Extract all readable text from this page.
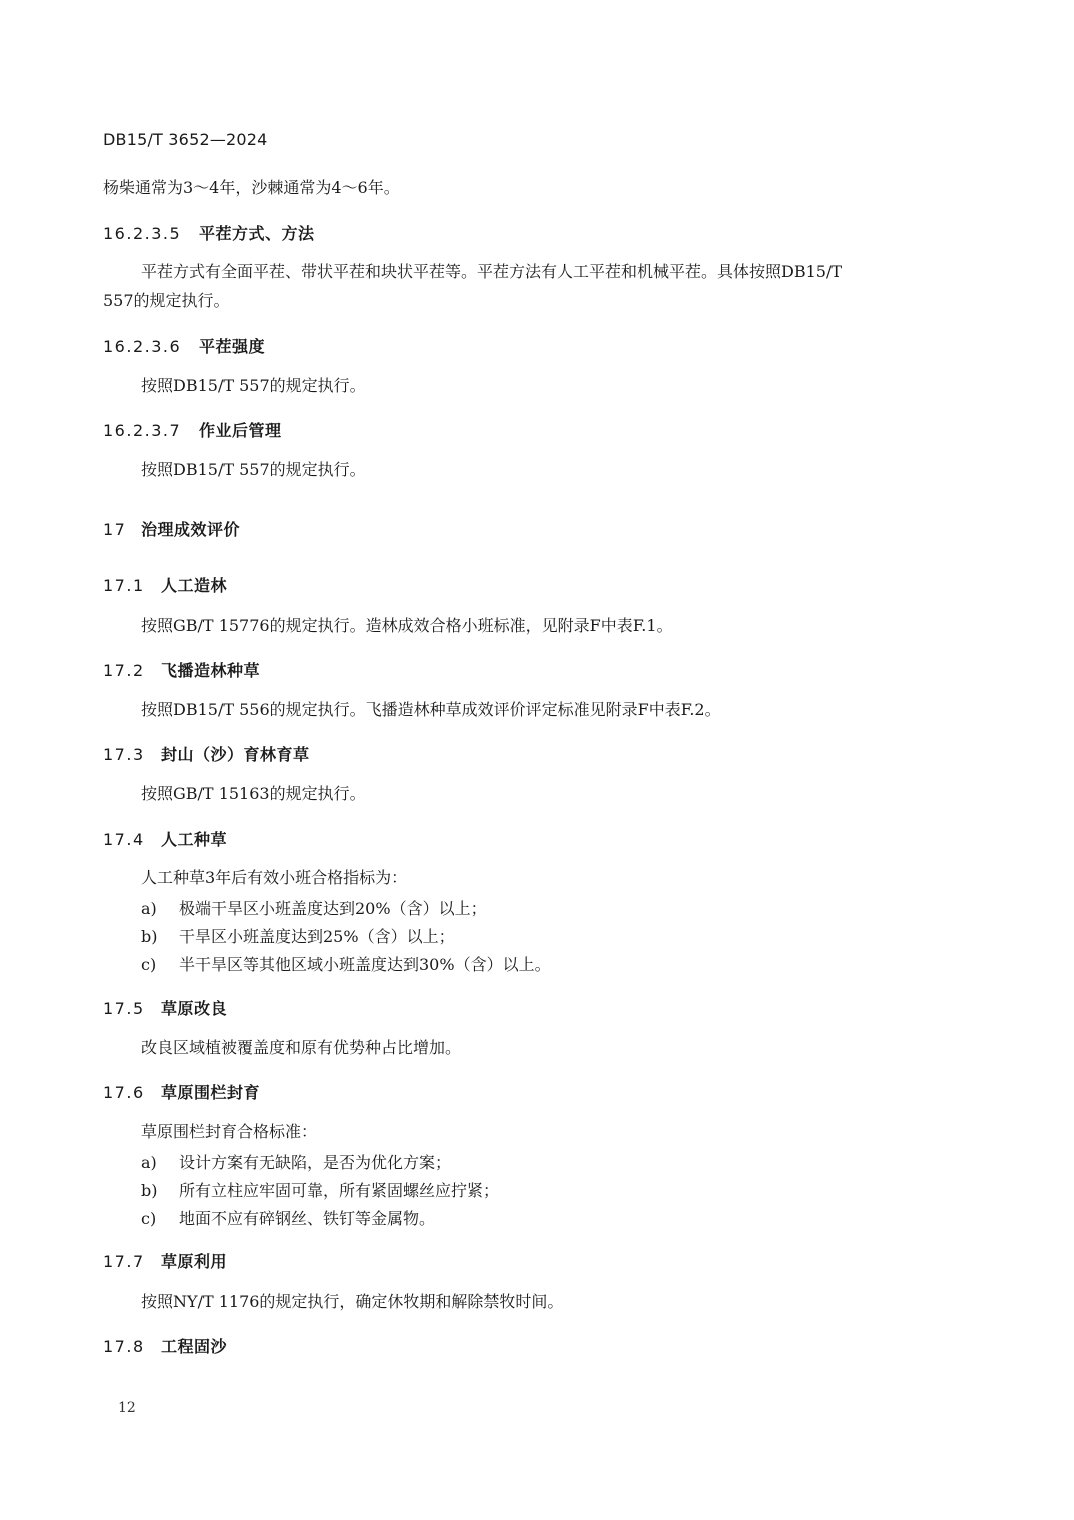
DB15/T 3652—2024
杨柴通常为3～4年，沙棘通常为4～6年。
16.2.3.5 平茬方式、方法
平茬方式有全面平茬、带状平茬和块状平茬等。平茬方法有人工平茬和机械平茬。具体按照DB15/T
557的规定执行。
16.2.3.6 平茬强度
按照DB15/T 557的规定执行。
16.2.3.7 作业后管理
按照DB15/T 557的规定执行。
17 治理成效评价
17.1 人工造林
按照GB/T 15776的规定执行。造林成效合格小班标准，见附录F中表F.1。
17.2 飞播造林种草
按照DB15/T 556的规定执行。飞播造林种草成效评价评定标准见附录F中表F.2。
17.3 封山（沙）育林育草
按照GB/T 15163的规定执行。
17.4 人工种草
人工种草3年后有效小班合格指标为：
a) 极端干旱区小班盖度达到20%（含）以上；
b) 干旱区小班盖度达到25%（含）以上；
c) 半干旱区等其他区域小班盖度达到30%（含）以上。
17.5 草原改良
改良区域植被覆盖度和原有优势种占比增加。
17.6 草原围栏封育
草原围栏封育合格标准：
a) 设计方案有无缺陷，是否为优化方案；
b) 所有立柱应牢固可靠，所有紧固螺丝应拧紧；
c) 地面不应有碎钢丝、铁钉等金属物。
17.7 草原利用
按照NY/T 1176的规定执行，确定休牧期和解除禁牧时间。
17.8 工程固沙
12
